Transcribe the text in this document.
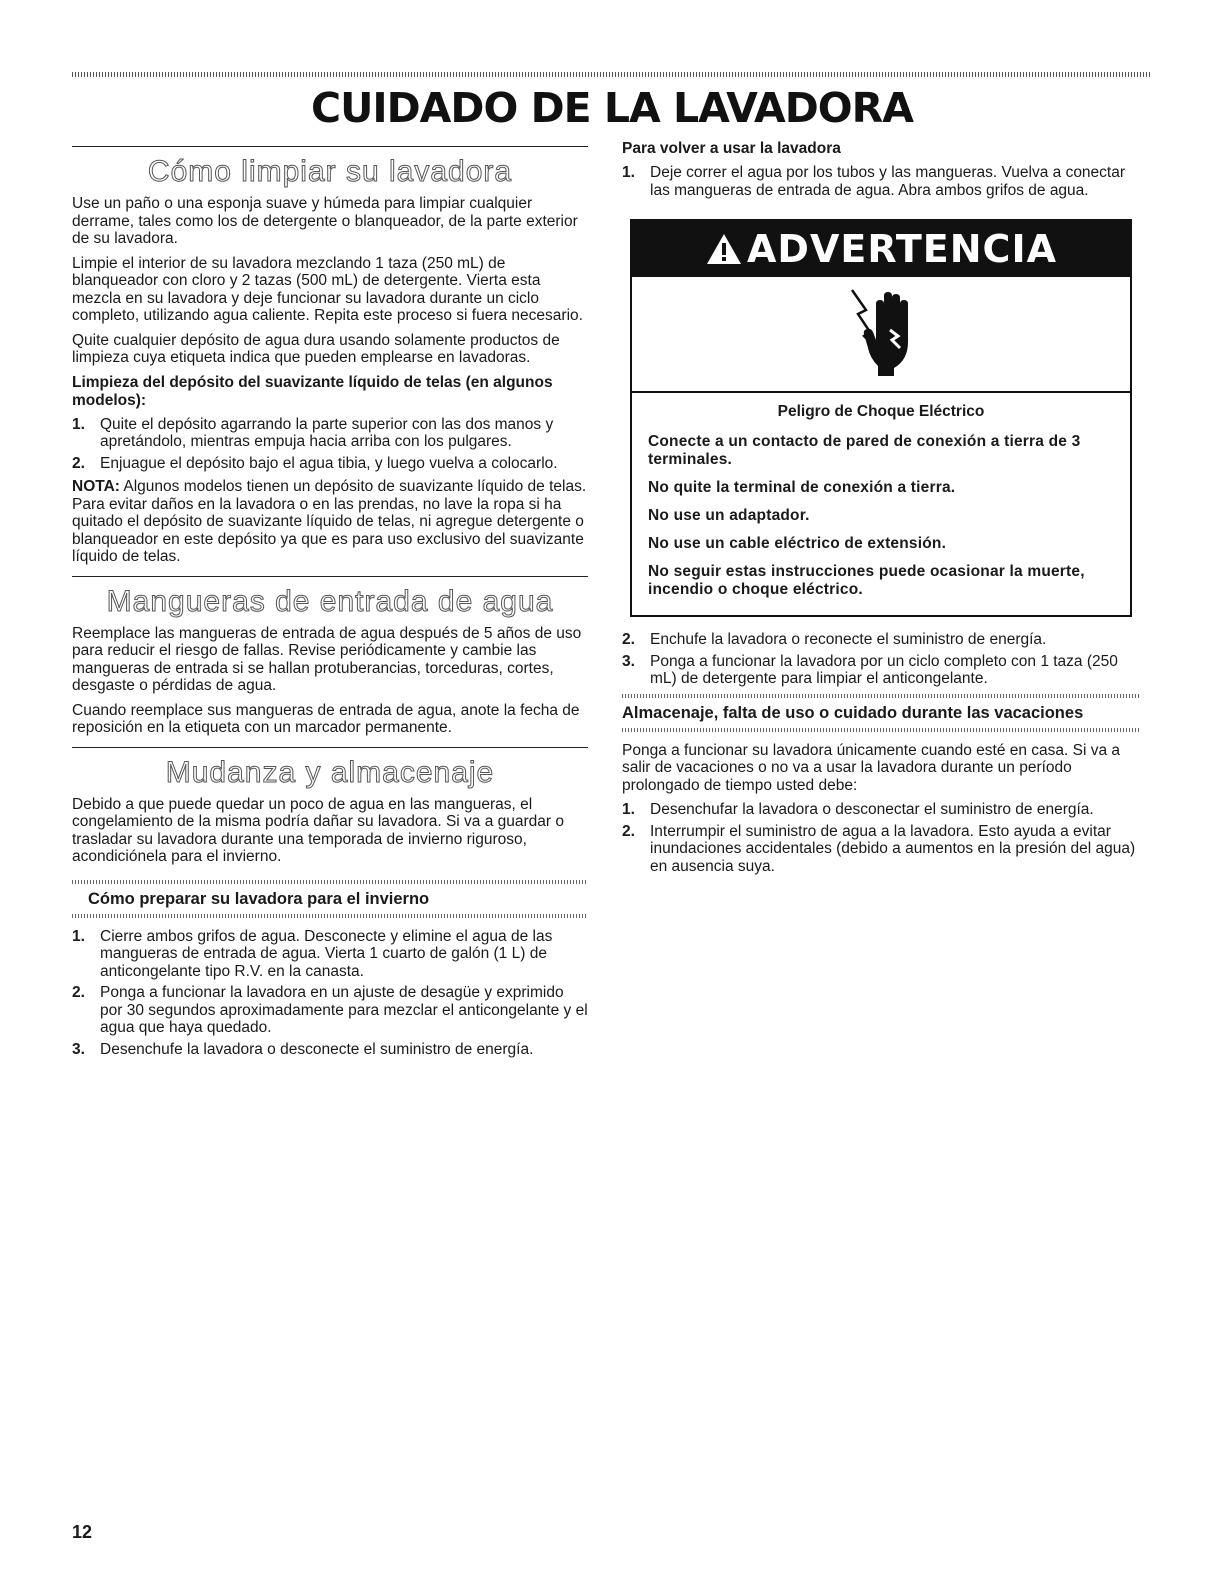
CUIDADO DE LA LAVADORA
Cómo limpiar su lavadora

Use un paño o una esponja suave y húmeda para limpiar cualquier derrame, tales como los de detergente o blanqueador, de la parte exterior de su lavadora.

Limpie el interior de su lavadora mezclando 1 taza (250 mL) de blanqueador con cloro y 2 tazas (500 mL) de detergente. Vierta esta mezcla en su lavadora y deje funcionar su lavadora durante un ciclo completo, utilizando agua caliente. Repita este proceso si fuera necesario.

Quite cualquier depósito de agua dura usando solamente productos de limpieza cuya etiqueta indica que pueden emplearse en lavadoras.

Limpieza del depósito del suavizante líquido de telas (en algunos modelos):
1. Quite el depósito agarrando la parte superior con las dos manos y apretándolo, mientras empuja hacia arriba con los pulgares.
2. Enjuague el depósito bajo el agua tibia, y luego vuelva a colocarlo.

NOTA: Algunos modelos tienen un depósito de suavizante líquido de telas. Para evitar daños en la lavadora o en las prendas, no lave la ropa si ha quitado el depósito de suavizante líquido de telas, ni agregue detergente o blanqueador en este depósito ya que es para uso exclusivo del suavizante líquido de telas.

Mangueras de entrada de agua

Reemplace las mangueras de entrada de agua después de 5 años de uso para reducir el riesgo de fallas. Revise periódicamente y cambie las mangueras de entrada si se hallan protuberancias, torceduras, cortes, desgaste o pérdidas de agua.

Cuando reemplace sus mangueras de entrada de agua, anote la fecha de reposición en la etiqueta con un marcador permanente.

Mudanza y almacenaje

Debido a que puede quedar un poco de agua en las mangueras, el congelamiento de la misma podría dañar su lavadora. Si va a guardar o trasladar su lavadora durante una temporada de invierno riguroso, acondiciónela para el invierno.

Cómo preparar su lavadora para el invierno
1. Cierre ambos grifos de agua. Desconecte y elimine el agua de las mangueras de entrada de agua. Vierta 1 cuarto de galón (1 L) de anticongelante tipo R.V. en la canasta.
2. Ponga a funcionar la lavadora en un ajuste de desagüe y exprimido por 30 segundos aproximadamente para mezclar el anticongelante y el agua que haya quedado.
3. Desenchufe la lavadora o desconecte el suministro de energía.
Para volver a usar la lavadora
1. Deje correr el agua por los tubos y las mangueras. Vuelva a conectar las mangueras de entrada de agua. Abra ambos grifos de agua.
ADVERTENCIA
Peligro de Choque Eléctrico

Conecte a un contacto de pared de conexión a tierra de 3 terminales.

No quite la terminal de conexión a tierra.

No use un adaptador.

No use un cable eléctrico de extensión.

No seguir estas instrucciones puede ocasionar la muerte, incendio o choque eléctrico.

2. Enchufe la lavadora o reconecte el suministro de energía.
3. Ponga a funcionar la lavadora por un ciclo completo con 1 taza (250 mL) de detergente para limpiar el anticongelante.
Almacenaje, falta de uso o cuidado durante las vacaciones

Ponga a funcionar su lavadora únicamente cuando esté en casa. Si va a salir de vacaciones o no va a usar la lavadora durante un período prolongado de tiempo usted debe:

1. Desenchufar la lavadora o desconectar el suministro de energía.
2. Interrumpir el suministro de agua a la lavadora. Esto ayuda a evitar inundaciones accidentales (debido a aumentos en la presión del agua) en ausencia suya.
12
